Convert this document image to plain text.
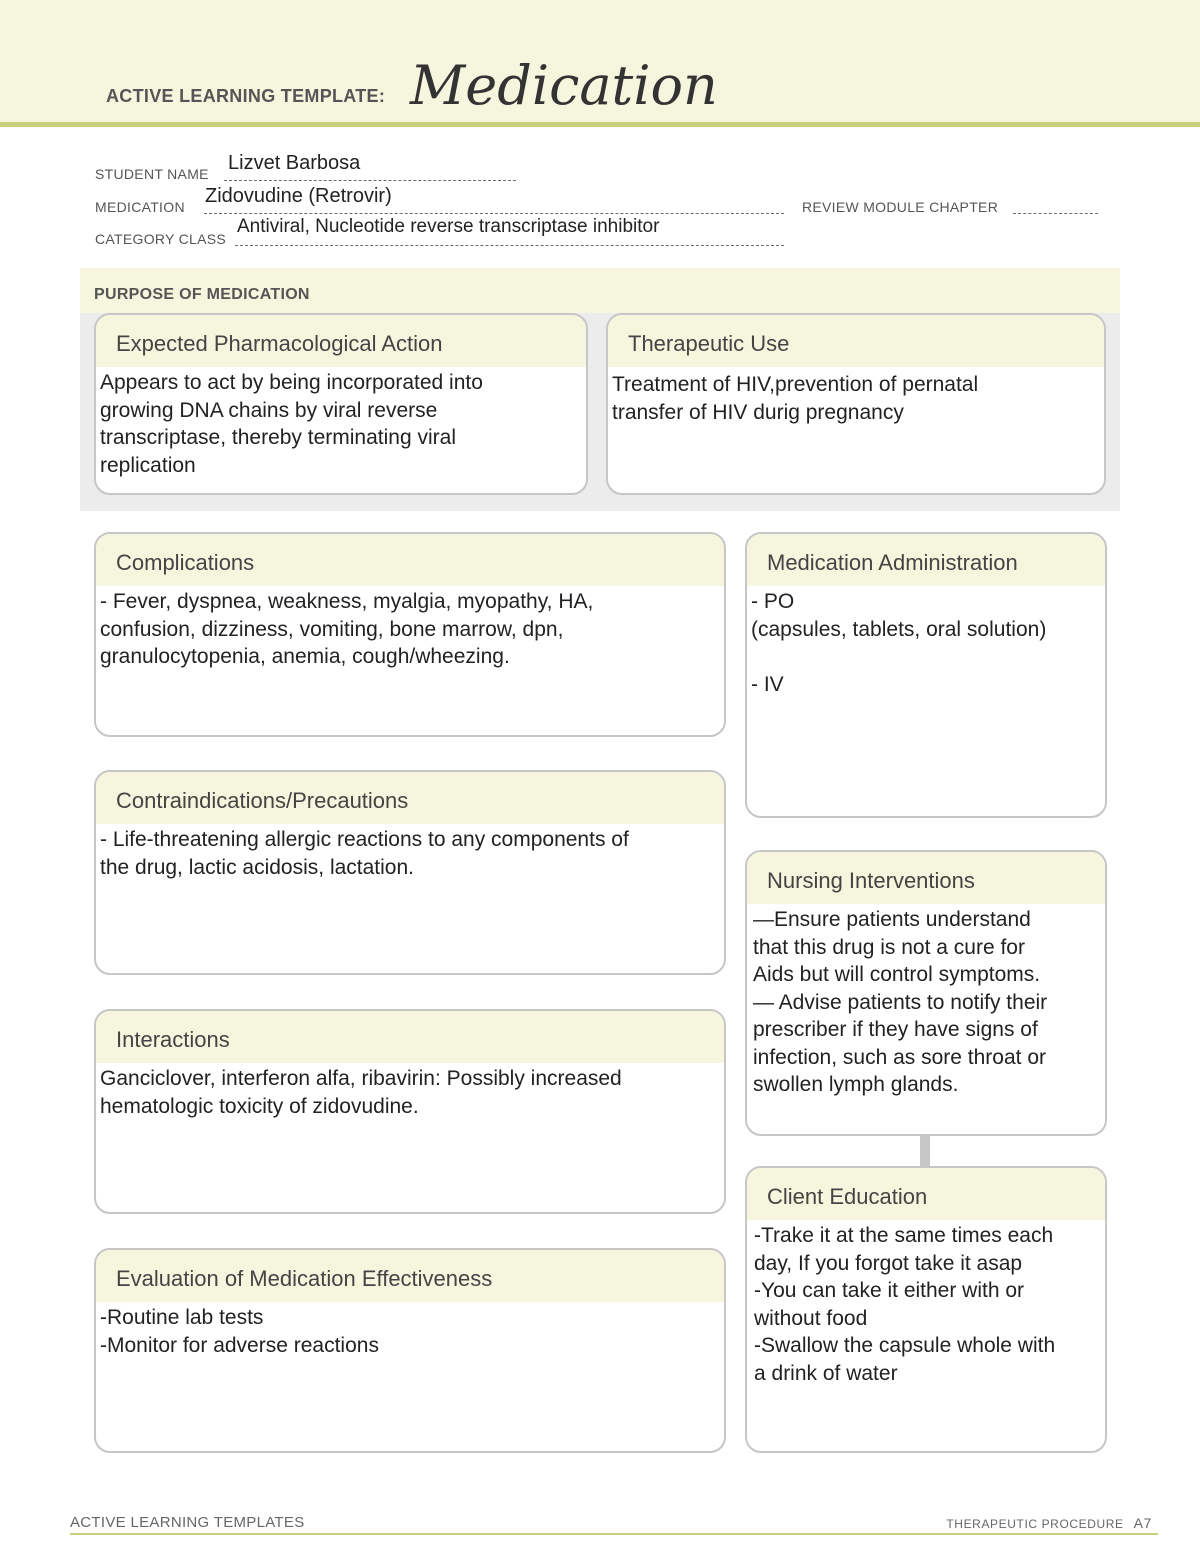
ACTIVE LEARNING TEMPLATE: Medication
STUDENT NAME Lizvet Barbosa
MEDICATION Zidovudine (Retrovir)	REVIEW MODULE CHAPTER
CATEGORY CLASS
Antiviral, Nucleotide reverse transcriptase inhibitor
PURPOSE OF MEDICATION
Expected Pharmacological Action

Appears to act by being incorporated into

growing DNA chains by viral reverse

transcriptase, thereby terminating viral

replication

Therapeutic Use

Treatment of HIV,prevention of pernatal

transfer of HIV durig pregnancy

Complications

- Fever, dyspnea, weakness, myalgia, myopathy, HA,

confusion, dizziness, vomiting, bone marrow, dpn,

granulocytopenia, anemia, cough/wheezing.

Contraindications/Precautions

- Life-threatening allergic reactions to any components of

the drug, lactic acidosis, lactation.

Interactions

Ganciclover, interferon alfa, ribavirin: Possibly increased

hematologic toxicity of zidovudine.

Evaluation of Medication Effectiveness

-Routine lab tests

-Monitor for adverse reactions

Medication Administration

- PO

(capsules, tablets, oral solution)

- IV

Nursing Interventions

—Ensure patients understand

that this drug is not a cure for

Aids but will control symptoms.

— Advise patients to notify their

prescriber if they have signs of

infection, such as sore throat or

swollen lymph glands.

Client Education

-Trake it at the same times each

day, If you forgot take it asap

-You can take it either with or

without food

-Swallow the capsule whole with

a drink of water

ACTIVE LEARNING TEMPLATES	THERAPEUTIC PROCEDURE A7
